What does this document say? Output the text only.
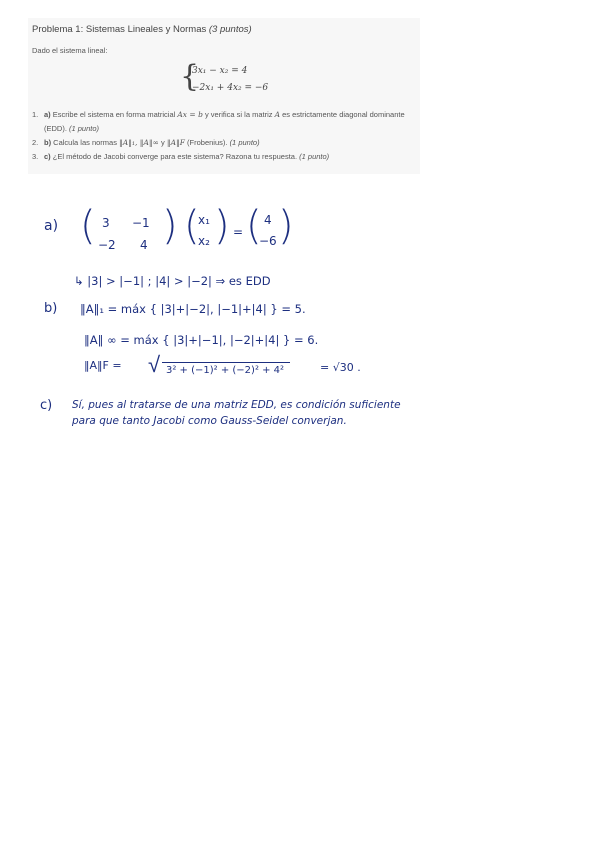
Problema 1: Sistemas Lineales y Normas (3 puntos)
Dado el sistema lineal:
{
3x₁ − x₂ = 4
−2x₁ + 4x₂ = −6
1. a) Escribe el sistema en forma matricial Ax = b y verifica si la matriz A es estrictamente diagonal dominante (EDD). (1 punto)
2. b) Calcula las normas ‖A‖₁, ‖A‖∞ y ‖A‖F (Frobenius). (1 punto)
3. c) ¿El método de Jacobi converge para este sistema? Razona tu respuesta. (1 punto)
a) ( 3 −1
−2 4 ) (
x₁
x₂ ) = ( 4
−6 )
↳ |3| > |−1| ; |4| > |−2| ⇒ es EDD
b) ‖A‖₁ = máx { |3|+|−2|, |−1|+|4| } = 5.
‖A‖ ∞ = máx { |3|+|−1|, |−2|+|4| } = 6.
‖A‖F = √ 3² + (−1)² + (−2)² + 4²	= √30 .
c) Sí, pues al tratarse de una matriz EDD, es condición suficiente
para que tanto Jacobi como Gauss-Seidel converjan.
